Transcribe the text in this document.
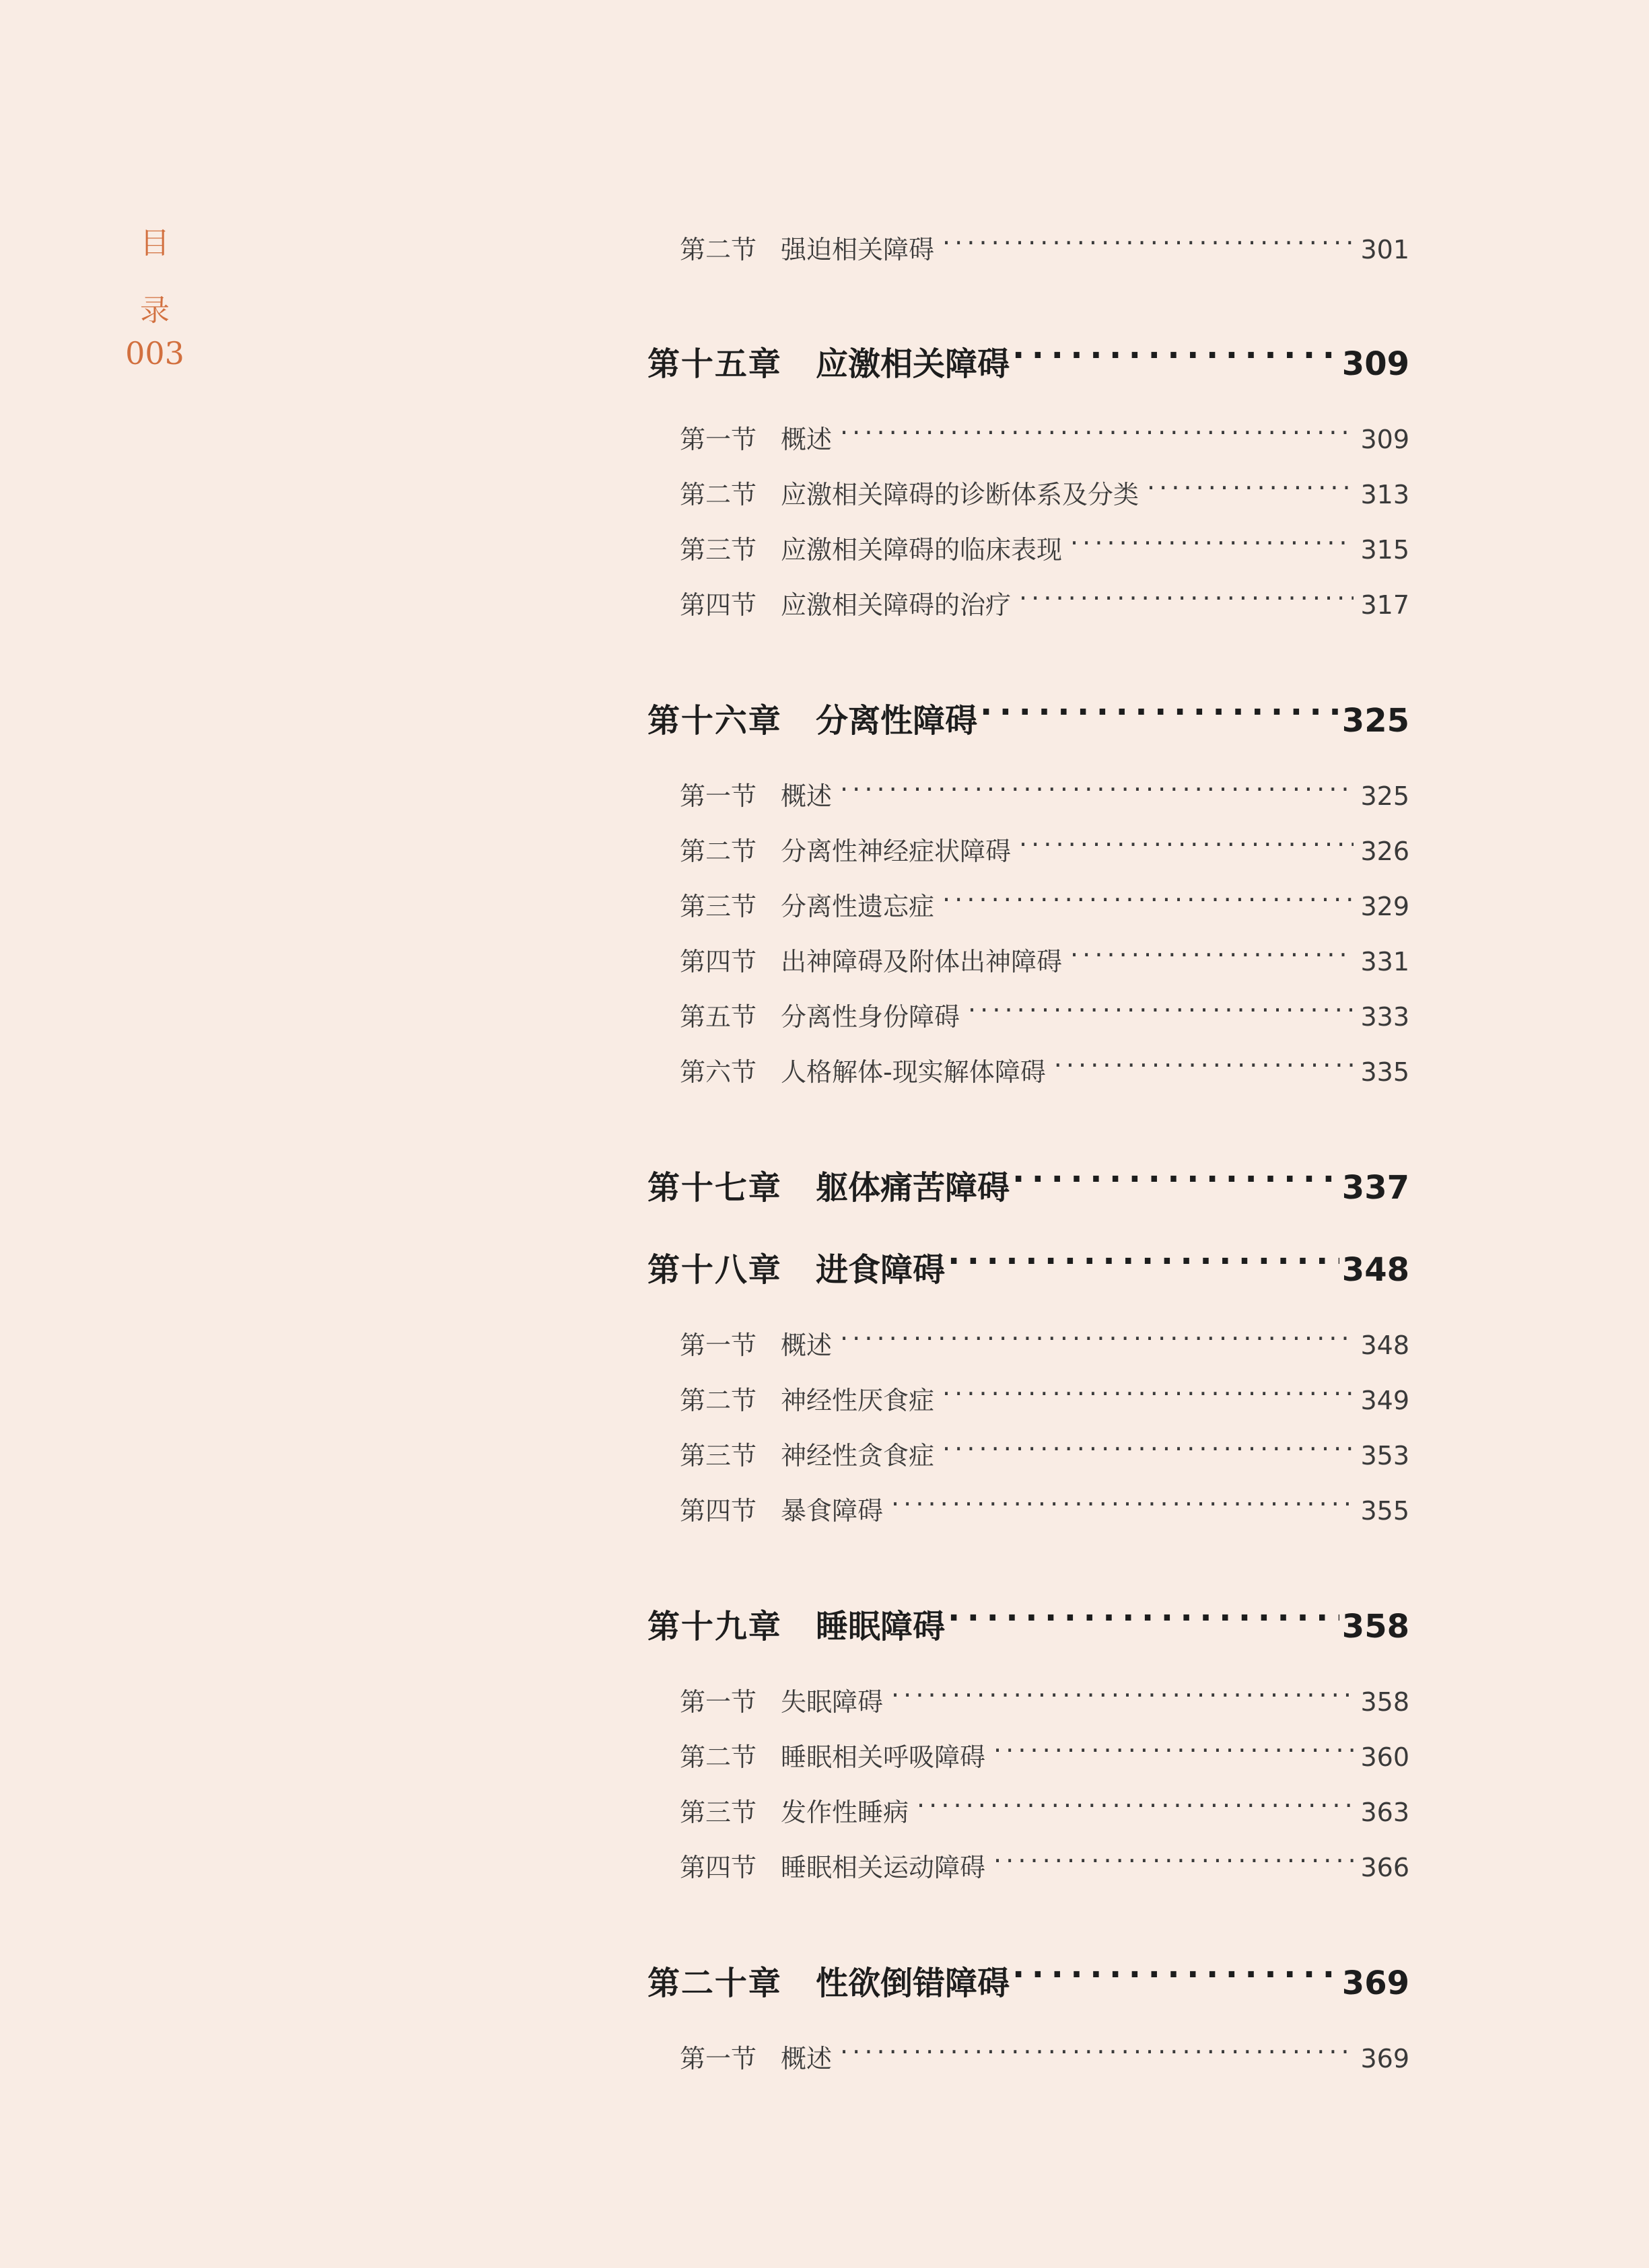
目
录
003
第二节 强迫相关障碍 ·····	301
第十五章	应激相关障碍 ·····	309
第一节 概述 ·····	309
第二节 应激相关障碍的诊断体系及分类 ·····	313
第三节 应激相关障碍的临床表现 ·····	315
第四节 应激相关障碍的治疗 ·····	317
第十六章	分离性障碍 ·····	325
第一节 概述 ·····	325
第二节 分离性神经症状障碍 ·····	326
第三节 分离性遗忘症 ·····	329
第四节 出神障碍及附体出神障碍 ·····	331
第五节 分离性身份障碍 ·····	333
第六节 人格解体-现实解体障碍 ·····	335
第十七章	躯体痛苦障碍 ·····	337
第十八章	进食障碍 ·····	348
第一节 概述 ·····	348
第二节 神经性厌食症 ·····	349
第三节 神经性贪食症 ·····	353
第四节 暴食障碍 ·····	355
第十九章	睡眠障碍 ·····	358
第一节 失眠障碍 ·····	358
第二节 睡眠相关呼吸障碍 ·····	360
第三节 发作性睡病 ·····	363
第四节 睡眠相关运动障碍 ·····	366
第二十章	性欲倒错障碍 ·····	369
第一节 概述 ·····	369
